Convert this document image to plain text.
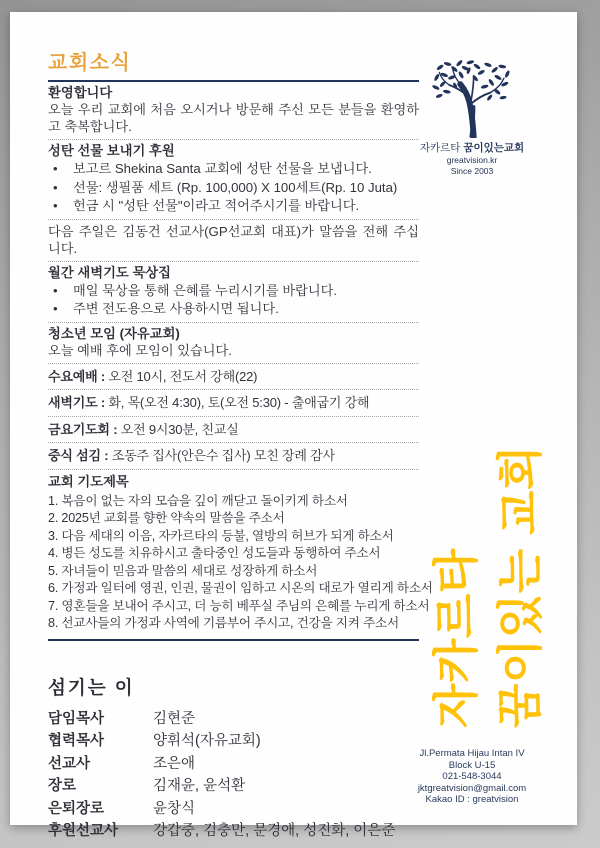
교회소식
환영합니다

오늘 우리 교회에 처음 오시거나 방문해 주신 모든 분들을 환영하고 축복합니다.

성탄 선물 보내기 후원
•	보고르 Shekina Santa 교회에 성탄 선물을 보냅니다.
•	선물: 생필품 세트 (Rp. 100,000) X 100세트(Rp. 10 Juta)
•	헌금 시 "성탄 선물"이라고 적어주시기를 바랍니다.

다음 주일은 김동건 선교사(GP선교회 대표)가 말씀을 전해 주십니다.

월간 새벽기도 묵상집
•	매일 묵상을 통해 은혜를 누리시기를 바랍니다.
•	주변 전도용으로 사용하시면 됩니다.
청소년 모임 (자유교회)

오늘 예배 후에 모임이 있습니다.

수요예배 : 오전 10시, 전도서 강해(22)
새벽기도 : 화, 목(오전 4:30), 토(오전 5:30) - 출애굽기 강해
금요기도회 : 오전 9시30분, 친교실
중식 섬김 : 조동주 집사(안은수 집사) 모친 장례 감사
교회 기도제목
복음이 없는 자의 모습을 깊이 깨닫고 돌이키게 하소서
2025년 교회를 향한 약속의 말씀을 주소서
다음 세대의 이음, 자카르타의 등불, 열방의 허브가 되게 하소서
병든 성도를 치유하시고 출타중인 성도들과 동행하여 주소서
자녀들이 믿음과 말씀의 세대로 성장하게 하소서
가정과 일터에 영권, 인권, 물권이 임하고 시온의 대로가 열리게 하소서
영혼들을 보내어 주시고, 더 능히 베푸실 주님의 은혜를 누리게 하소서
선교사들의 가정과 사역에 기름부어 주시고, 건강을 지켜 주소서
섬기는 이
담임목사	김현준
협력목사	양휘석(자유교회)
선교사	조은애
장로	김재윤, 윤석환
은퇴장로	윤창식
후원선교사	강갑중, 김충만, 문경애, 성진화, 이은준
자카르타 꿈이있는교회
greatvision.kr
Since 2003
자카르타 꿈이있는 교회
Jl.Permata Hijau Intan IV
Block U-15
021-548-3044
jktgreatvision@gmail.com
Kakao ID : greatvision
